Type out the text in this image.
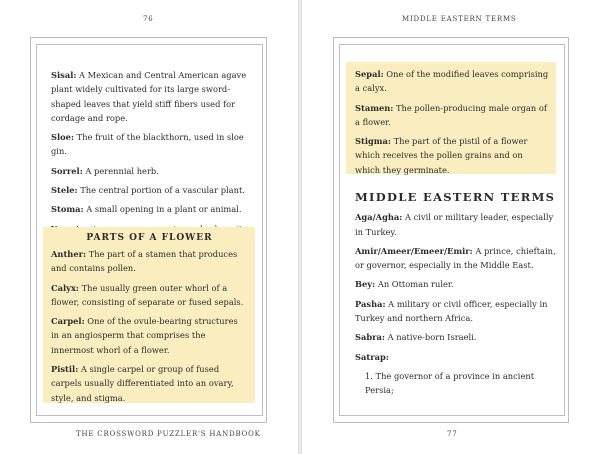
76
Sisal: A Mexican and Central American agave plant widely cultivated for its large sword-shaped leaves that yield stiff fibers used for cordage and rope.
Sloe: The fruit of the blackthorn, used in sloe gin.
Sorrel: A perennial herb.
Stele: The central portion of a vascular plant.
Stoma: A small opening in a plant or animal.
PARTS OF A FLOWER
Anther: The part of a stamen that produces and contains pollen.
Calyx: The usually green outer whorl of a flower, consisting of separate or fused sepals.
Carpel: One of the ovule-bearing structures in an angiosperm that comprises the innermost whorl of a flower.
Pistil: A single carpel or group of fused carpels usually differentiated into an ovary, style, and stigma.
THE CROSSWORD PUZZLER'S HANDBOOK
MIDDLE EASTERN TERMS
Sepal: One of the modified leaves comprising a calyx.
Stamen: The pollen-producing male organ of a flower.
Stigma: The part of the pistil of a flower which receives the pollen grains and on which they germinate.
MIDDLE EASTERN TERMS
Aga/Agha: A civil or military leader, especially in Turkey.
Amir/Ameer/Emeer/Emir: A prince, chieftain, or governor, especially in the Middle East.
Bey: An Ottoman ruler.
Pasha: A military or civil officer, especially in Turkey and northern Africa.
Sabra: A native-born Israeli.
Satrap:
1. The governor of a province in ancient Persia;
77
